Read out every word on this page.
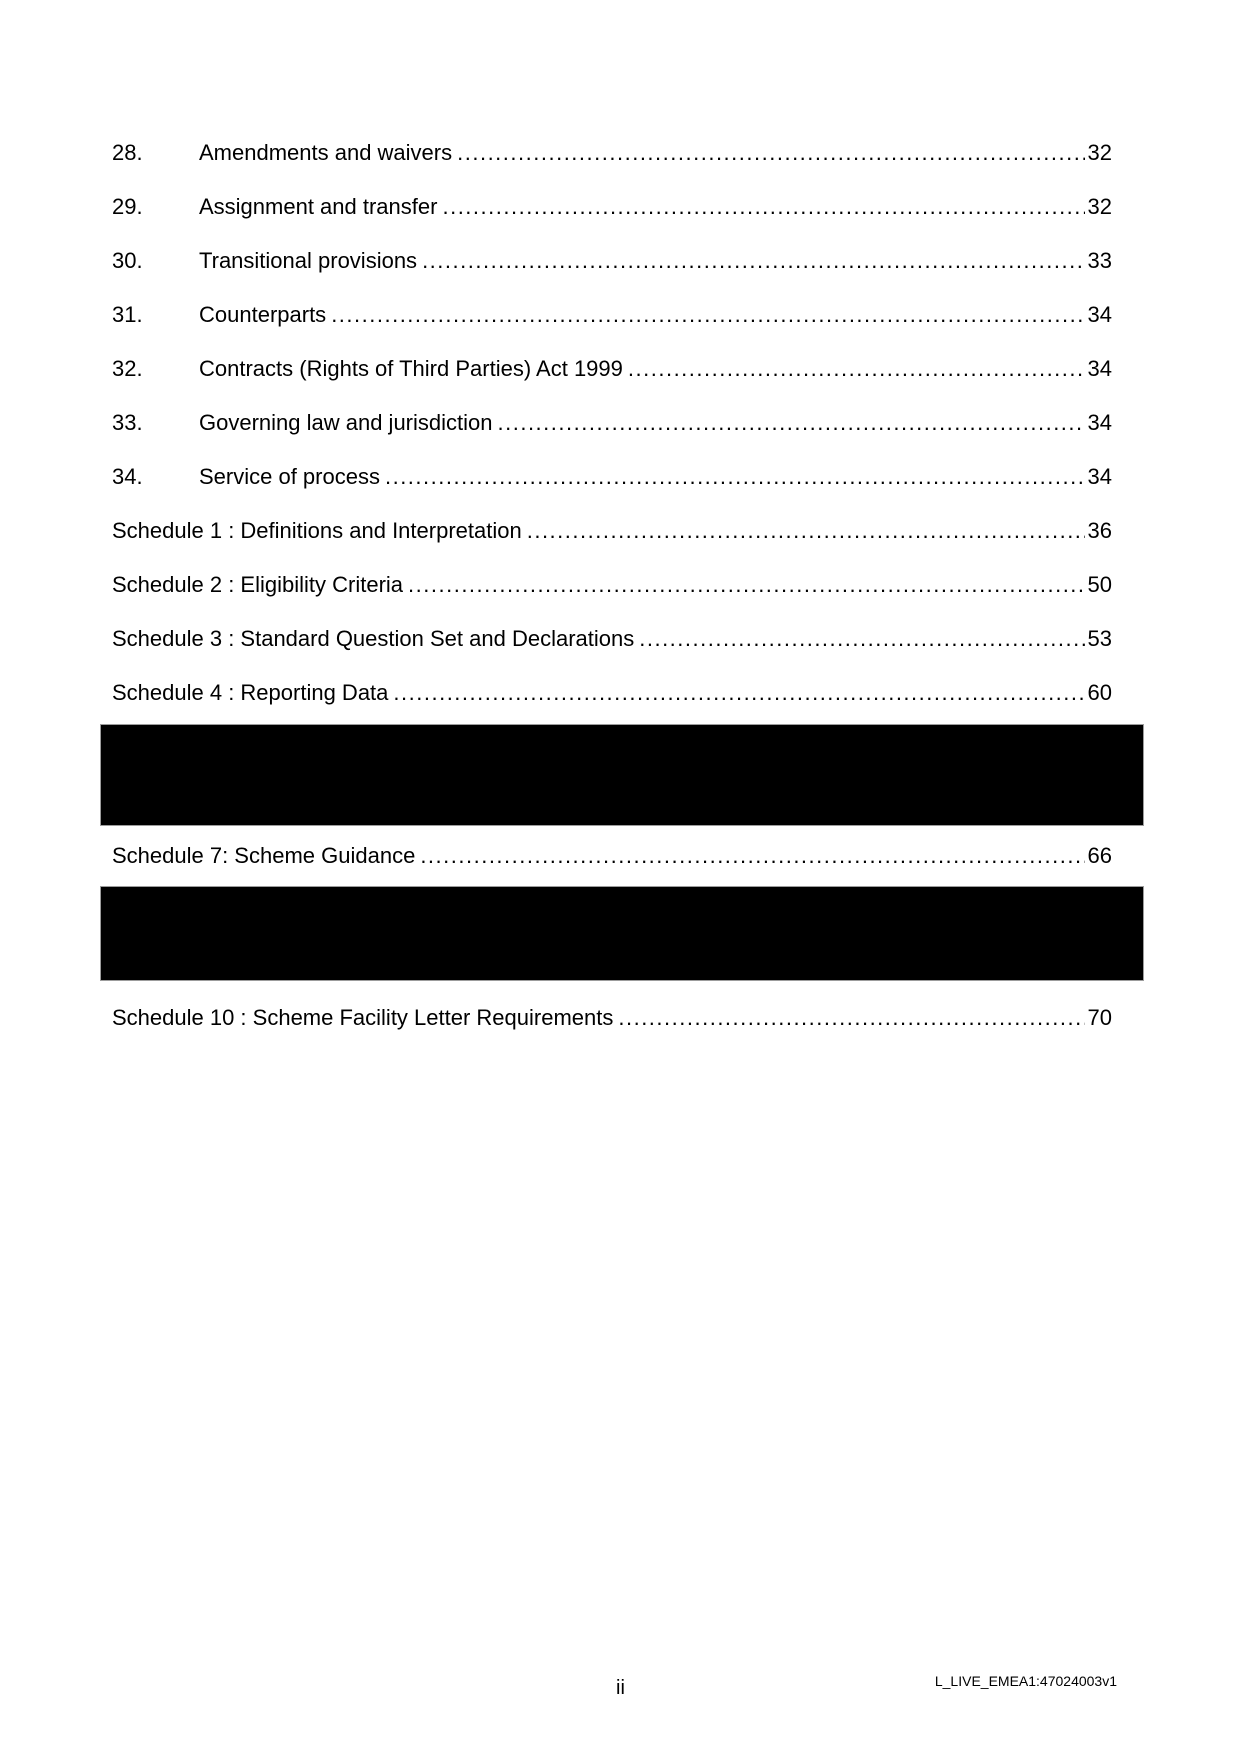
28.	Amendments and waivers .....	32
29.	Assignment and transfer .....	32
30.	Transitional provisions .....	33
31.	Counterparts .....	34
32.	Contracts (Rights of Third Parties) Act 1999 .....	34
33.	Governing law and jurisdiction .....	34
34.	Service of process .....	34
Schedule 1 : Definitions and Interpretation .....	36
Schedule 2 : Eligibility Criteria .....	50
Schedule 3 : Standard Question Set and Declarations .....	53
Schedule 4 : Reporting Data .....	60
Schedule 7: Scheme Guidance .....	66
Schedule 10 : Scheme Facility Letter Requirements .....	70
ii	L_LIVE_EMEA1:47024003v1
